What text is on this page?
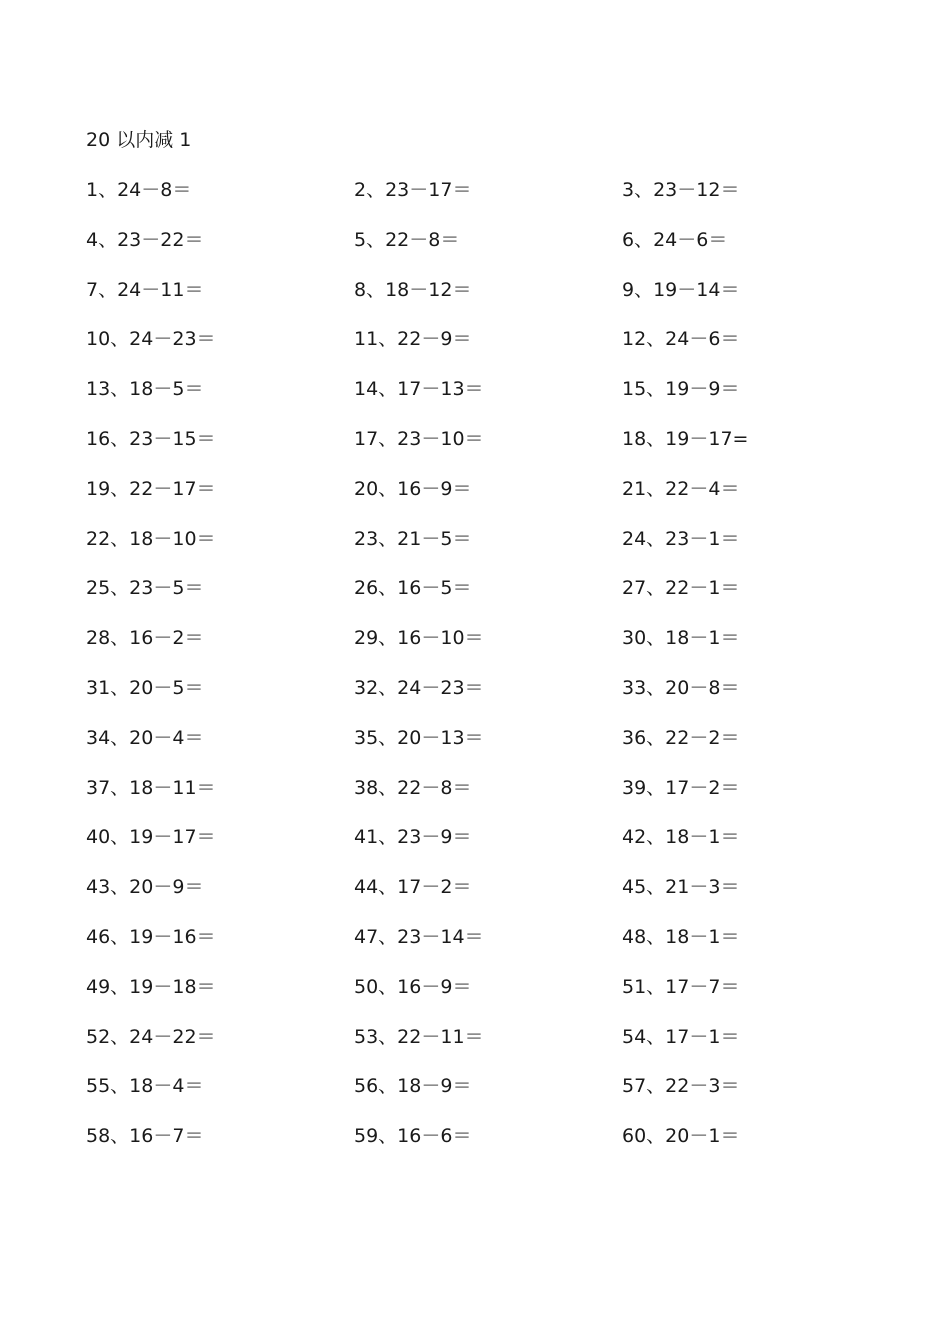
20 以内减 1
1、24－8＝	2、23－17＝	3、23－12＝
4、23－22＝	5、22－8＝	6、24－6＝
7、24－11＝	8、18－12＝	9、19－14＝
10、24－23＝	11、22－9＝	12、24－6＝
13、18－5＝	14、17－13＝	15、19－9＝
16、23－15＝	17、23－10＝	18、19－17=
19、22－17＝	20、16－9＝	21、22－4＝
22、18－10＝	23、21－5＝	24、23－1＝
25、23－5＝	26、16－5＝	27、22－1＝
28、16－2＝	29、16－10＝	30、18－1＝
31、20－5＝	32、24－23＝	33、20－8＝
34、20－4＝	35、20－13＝	36、22－2＝
37、18－11＝	38、22－8＝	39、17－2＝
40、19－17＝	41、23－9＝	42、18－1＝
43、20－9＝	44、17－2＝	45、21－3＝
46、19－16＝	47、23－14＝	48、18－1＝
49、19－18＝	50、16－9＝	51、17－7＝
52、24－22＝	53、22－11＝	54、17－1＝
55、18－4＝	56、18－9＝	57、22－3＝
58、16－7＝	59、16－6＝	60、20－1＝
